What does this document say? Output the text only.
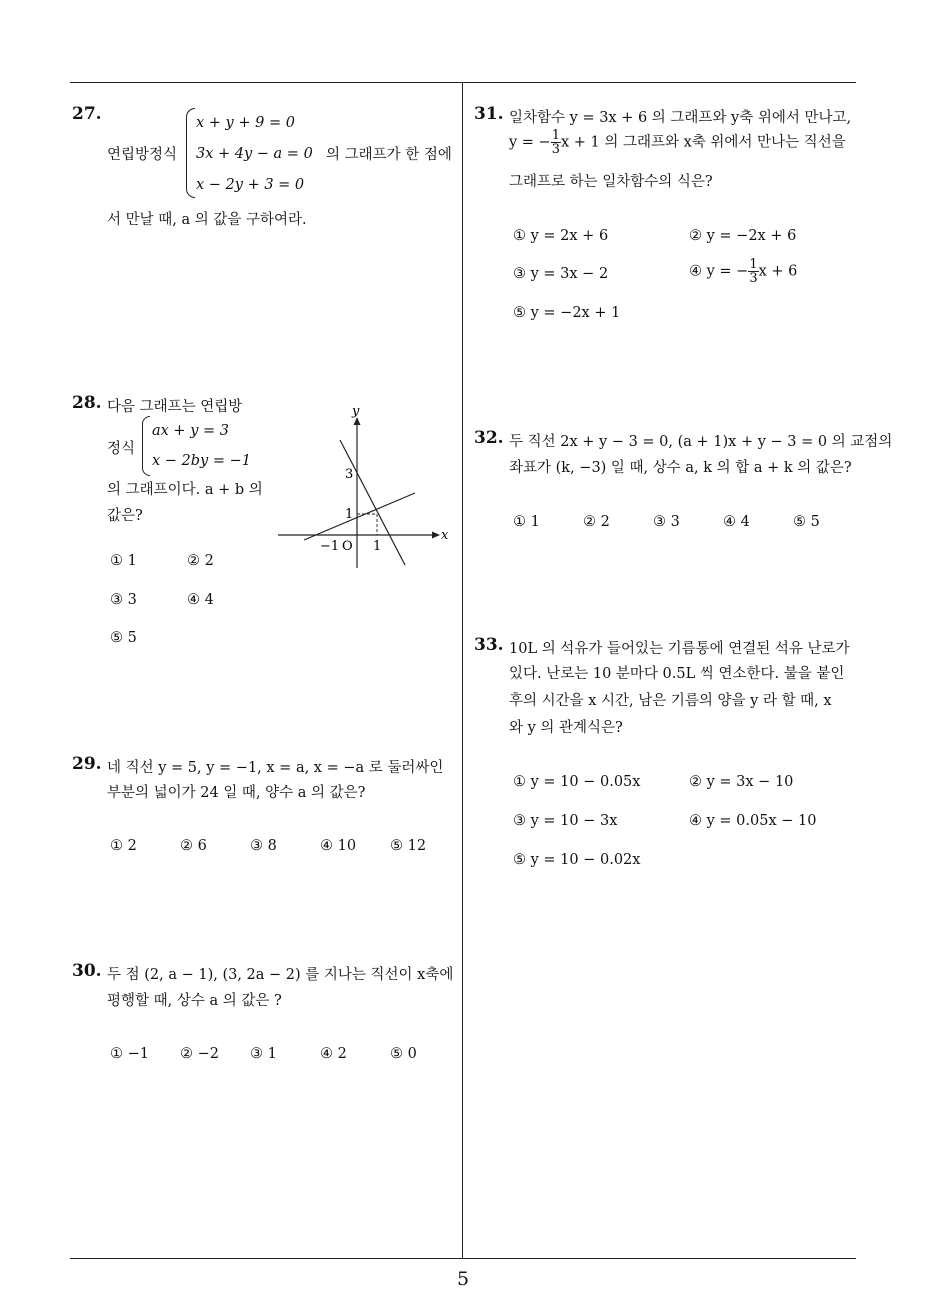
5
27.
연립방정식
x + y + 9 = 0
3x + 4y − a = 0
x − 2y + 3 = 0
의 그래프가 한 점에
서 만날 때, a 의 값을 구하여라.
28. 다음 그래프는 연립방
정식
ax + y = 3
x − 2by = −1
의 그래프이다. a + b 의
값은?
y
x
3
1
−1 O 1
① 1	② 2
③ 3	④ 4
⑤ 5
29. 네 직선 y = 5, y = −1, x = a, x = −a 로 둘러싸인
부분의 넓이가 24 일 때, 양수 a 의 값은?
① 2	② 6	③ 8	④ 10 ⑤ 12
30. 두 점 (2, a − 1), (3, 2a − 2) 를 지나는 직선이 x축에
평행할 때, 상수 a 의 값은 ?
① −1 ② −2 ③ 1	④ 2	⑤ 0
31. 일차함수 y = 3x + 6 의 그래프와 y축 위에서 만나고,
y = − $\frac{1}{3}$ x + 1 의 그래프와 x축 위에서 만나는 직선을
그래프로 하는 일차함수의 식은?
① y = 2x + 6	② y = −2x + 6
③ y = 3x − 2	④ y = − $\frac{1}{3}$ x + 6
⑤ y = −2x + 1
32. 두 직선 2x + y − 3 = 0, (a + 1)x + y − 3 = 0 의 교점의
좌표가 (k, −3) 일 때, 상수 a, k 의 합 a + k 의 값은?
① 1	② 2	③ 3	④ 4	⑤ 5
33. 10L 의 석유가 들어있는 기름통에 연결된 석유 난로가
있다. 난로는 10 분마다 0.5L 씩 연소한다. 불을 붙인
후의 시간을 x 시간, 남은 기름의 양을 y 라 할 때, x
와 y 의 관계식은?
① y = 10 − 0.05x	② y = 3x − 10
③ y = 10 − 3x	④ y = 0.05x − 10
⑤ y = 10 − 0.02x
